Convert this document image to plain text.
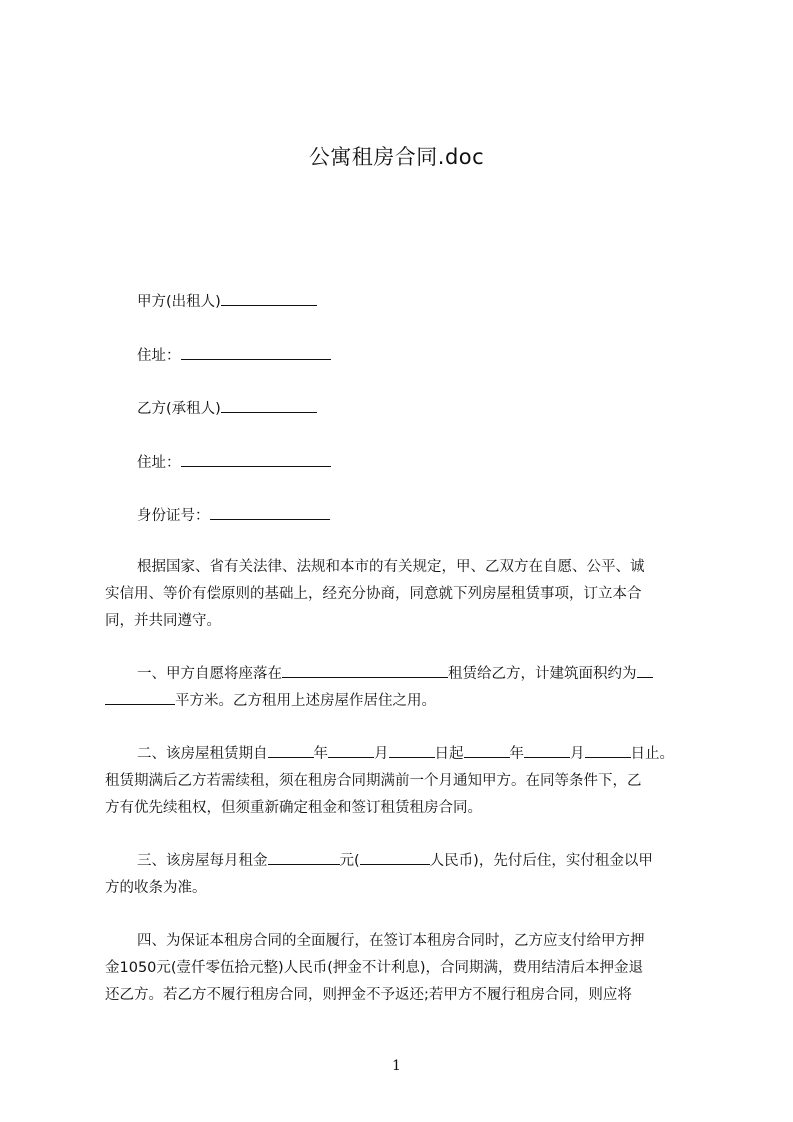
公寓租房合同.doc
甲方(出租人)
住址：
乙方(承租人)
住址：
身份证号：
根据国家、省有关法律、法规和本市的有关规定，甲、乙双方在自愿、公平、诚
实信用、等价有偿原则的基础上，经充分协商，同意就下列房屋租赁事项，订立本合
同，并共同遵守。
一、甲方自愿将座落在	租赁给乙方，计建筑面积约为
平方米。乙方租用上述房屋作居住之用。
二、该房屋租赁期自	年	月	日起	年	月	日止。
租赁期满后乙方若需续租，须在租房合同期满前一个月通知甲方。在同等条件下，乙
方有优先续租权，但须重新确定租金和签订租赁租房合同。
三、该房屋每月租金	元(	人民币)，先付后住，实付租金以甲
方的收条为准。
四、为保证本租房合同的全面履行，在签订本租房合同时，乙方应支付给甲方押
金1050元(壹仟零伍拾元整)人民币(押金不计利息)，合同期满，费用结清后本押金退
还乙方。若乙方不履行租房合同，则押金不予返还;若甲方不履行租房合同，则应将
1
